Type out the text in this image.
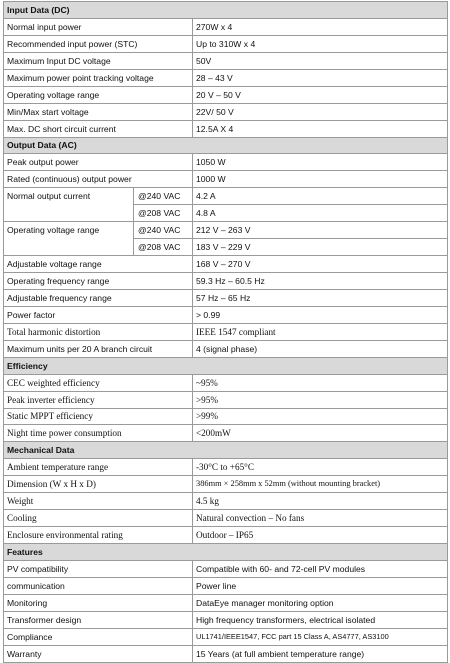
Input Data (DC)		
Normal input power		270W x 4
Recommended input power (STC)		Up to 310W x 4
Maximum Input DC voltage		50V
Maximum power point tracking voltage		28 – 43 V
Operating voltage range		20 V – 50 V
Min/Max start voltage		22V/ 50 V
Max. DC short circuit current		12.5A X 4
Output Data (AC)		
Peak output power		1050 W
Rated (continuous) output power		1000 W
Normal output current	@240 VAC	4.2 A
	@208 VAC	4.8 A
Operating voltage range	@240 VAC	212 V – 263 V
	@208 VAC	183 V – 229 V
Adjustable voltage range		168 V – 270 V
Operating frequency range		59.3 Hz – 60.5 Hz
Adjustable frequency range		57 Hz – 65 Hz
Power factor		> 0.99
Total harmonic distortion		IEEE 1547 compliant
Maximum units per 20 A branch circuit		4 (signal phase)
Efficiency		
CEC weighted efficiency		~95%
Peak inverter efficiency		>95%
Static MPPT efficiency		>99%
Night time power consumption		<200mW
Mechanical Data		
Ambient temperature range		-30°C to +65°C
Dimension (W x H x D)		386mm × 258mm x 52mm (without mounting bracket)
Weight		4.5 kg
Cooling		Natural convection – No fans
Enclosure environmental rating		Outdoor – IP65
Features		
PV compatibility		Compatible with 60- and 72-cell PV modules
communication		Power line
Monitoring		DataEye manager monitoring option
Transformer design		High frequency transformers, electrical isolated
Compliance		UL1741/IEEE1547, FCC part 15 Class A, AS4777, AS3100
Warranty		15 Years (at full ambient temperature range)
